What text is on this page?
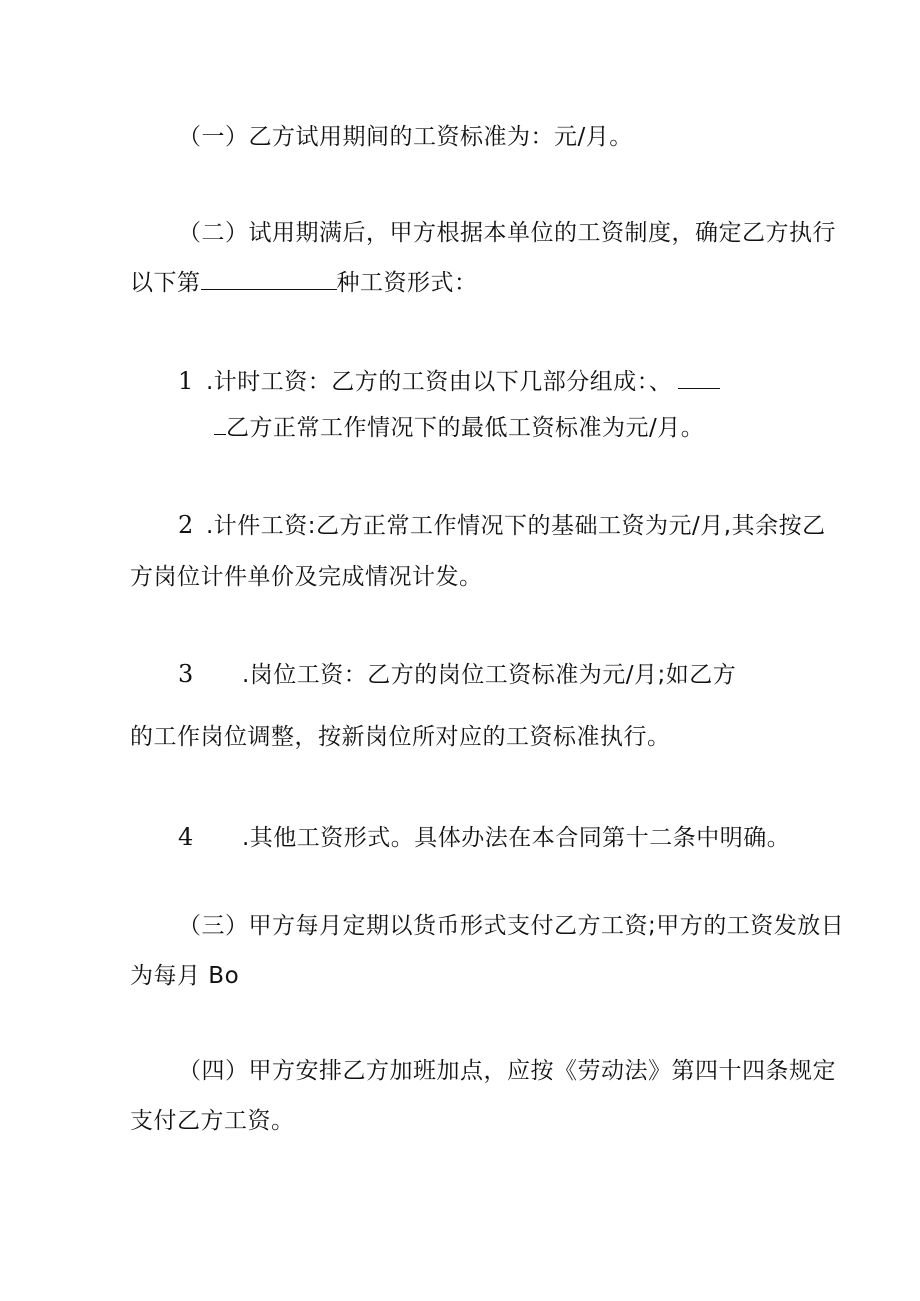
（一）乙方试用期间的工资标准为：元/月。
（二）试用期满后，甲方根据本单位的工资制度，确定乙方执行
以下第	种工资形式：
1 .计时工资：乙方的工资由以下几部分组成：、
乙方正常工作情况下的最低工资标准为元/月。
2 .计件工资:乙方正常工作情况下的基础工资为元/月,其余按乙
方岗位计件单价及完成情况计发。
3 .岗位工资：乙方的岗位工资标准为元/月;如乙方
的工作岗位调整，按新岗位所对应的工资标准执行。
4 .其他工资形式。具体办法在本合同第十二条中明确。
（三）甲方每月定期以货币形式支付乙方工资;甲方的工资发放日
为每月 Bo
（四）甲方安排乙方加班加点，应按《劳动法》第四十四条规定
支付乙方工资。
